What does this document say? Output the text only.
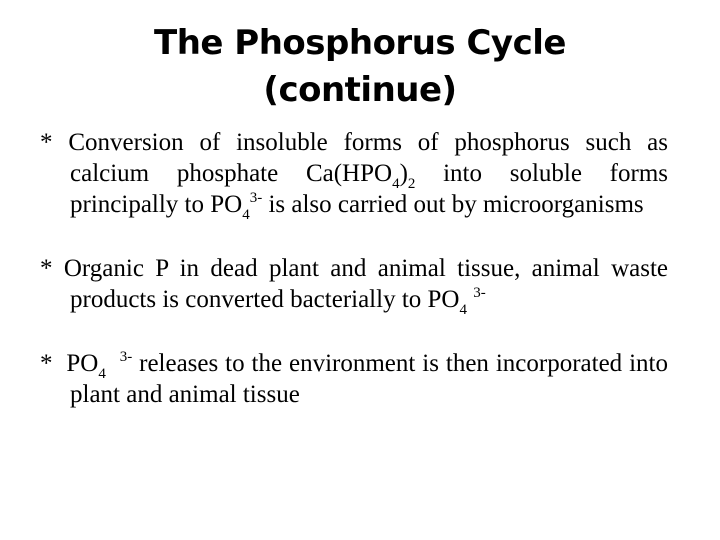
The Phosphorus Cycle
(continue)

* Conversion of insoluble forms of phosphorus such as calcium phosphate $Ca(HPO_4)_2$ into soluble forms principally to $PO_4^{3-}$ is also carried out by microorganisms

* Organic P in dead plant and animal tissue, animal waste products is converted bacterially to $PO_4$ $^{3-}$

* $PO_4$  $^{3-}$ releases to the environment is then incorporated into plant and animal tissue
